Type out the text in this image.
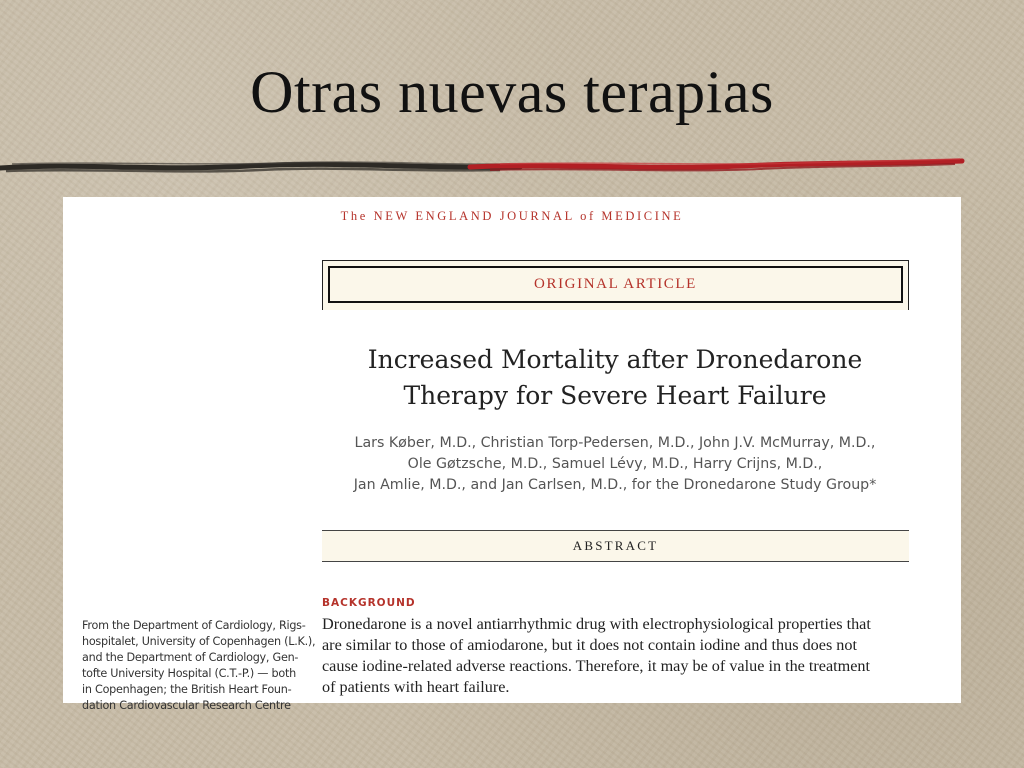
Otras nuevas terapias
The NEW ENGLAND JOURNAL of MEDICINE
ORIGINAL ARTICLE
Increased Mortality after Dronedarone
Therapy for Severe Heart Failure
Lars Køber, M.D., Christian Torp-Pedersen, M.D., John J.V. McMurray, M.D.,
Ole Gøtzsche, M.D., Samuel Lévy, M.D., Harry Crijns, M.D.,
Jan Amlie, M.D., and Jan Carlsen, M.D., for the Dronedarone Study Group*
ABSTRACT
BACKGROUND
Dronedarone is a novel antiarrhythmic drug with electrophysiological properties that
are similar to those of amiodarone, but it does not contain iodine and thus does not
cause iodine-related adverse reactions. Therefore, it may be of value in the treatment
of patients with heart failure.
From the Department of Cardiology, Rigs-
hospitalet, University of Copenhagen (L.K.),
and the Department of Cardiology, Gen-
tofte University Hospital (C.T.-P.) — both
in Copenhagen; the British Heart Foun-
dation Cardiovascular Research Centre
